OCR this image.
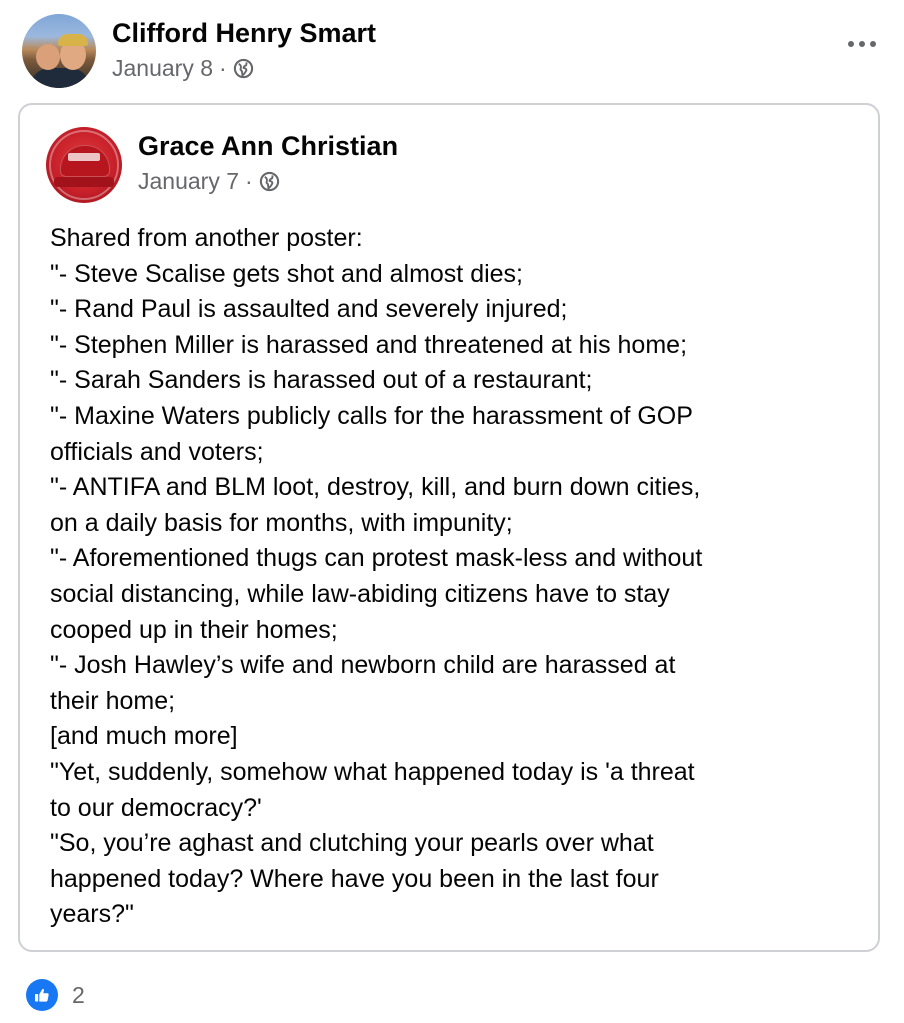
Clifford Henry Smart
January 8 ·
Grace Ann Christian
January 7 ·
Shared from another poster:
"- Steve Scalise gets shot and almost dies;
"- Rand Paul is assaulted and severely injured;
"- Stephen Miller is harassed and threatened at his home;
"- Sarah Sanders is harassed out of a restaurant;
"- Maxine Waters publicly calls for the harassment of GOP
officials and voters;
"- ANTIFA and BLM loot, destroy, kill, and burn down cities,
on a daily basis for months, with impunity;
"- Aforementioned thugs can protest mask-less and without
social distancing, while law-abiding citizens have to stay
cooped up in their homes;
"- Josh Hawley’s wife and newborn child are harassed at
their home;
[and much more]
"Yet, suddenly, somehow what happened today is 'a threat
to our democracy?'
"So, you’re aghast and clutching your pearls over what
happened today? Where have you been in the last four
years?"
2
